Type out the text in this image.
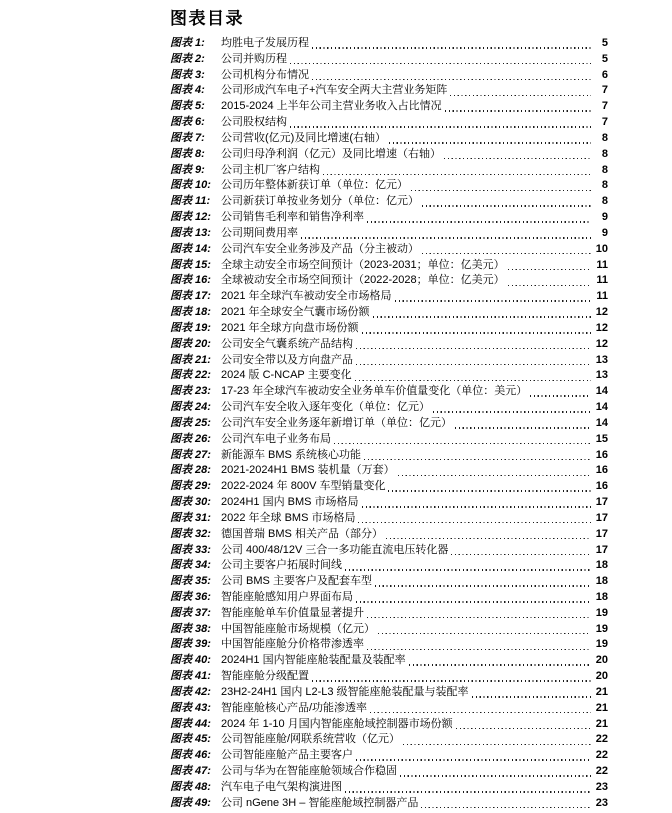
图表目录
图表 1:	均胜电子发展历程	5
图表 2:	公司并购历程	5
图表 3:	公司机构分布情况	6
图表 4:	公司形成汽车电子+汽车安全两大主营业务矩阵	7
图表 5:	2015-2024 上半年公司主营业务收入占比情况	7
图表 6:	公司股权结构	7
图表 7:	公司营收(亿元)及同比增速(右轴）	8
图表 8:	公司归母净利润（亿元）及同比增速（右轴）	8
图表 9:	公司主机厂客户结构	8
图表 10: 公司历年整体新获订单（单位：亿元）	8
图表 11: 公司新获订单按业务划分（单位：亿元）	8
图表 12: 公司销售毛利率和销售净利率	9
图表 13: 公司期间费用率	9
图表 14: 公司汽车安全业务涉及产品（分主被动）	10
图表 15: 全球主动安全市场空间预计（2023-2031；单位：亿美元）	11
图表 16: 全球被动安全市场空间预计（2022-2028；单位：亿美元）	11
图表 17: 2021 年全球汽车被动安全市场格局	11
图表 18: 2021 年全球安全气囊市场份额	12
图表 19: 2021 年全球方向盘市场份额	12
图表 20: 公司安全气囊系统产品结构	12
图表 21: 公司安全带以及方向盘产品	13
图表 22: 2024 版 C-NCAP 主要变化	13
图表 23: 17-23 年全球汽车被动安全业务单车价值量变化（单位：美元）	14
图表 24: 公司汽车安全收入逐年变化（单位：亿元）	14
图表 25: 公司汽车安全业务逐年新增订单（单位：亿元）	14
图表 26: 公司汽车电子业务布局	15
图表 27: 新能源车 BMS 系统核心功能	16
图表 28: 2021-2024H1 BMS 装机量（万套）	16
图表 29: 2022-2024 年 800V 车型销量变化	16
图表 30: 2024H1 国内 BMS 市场格局	17
图表 31: 2022 年全球 BMS 市场格局	17
图表 32: 德国普瑞 BMS 相关产品（部分）	17
图表 33: 公司 400/48/12V 三合一多功能直流电压转化器	17
图表 34: 公司主要客户拓展时间线	18
图表 35: 公司 BMS 主要客户及配套车型	18
图表 36: 智能座舱感知用户界面布局	18
图表 37: 智能座舱单车价值量显著提升	19
图表 38: 中国智能座舱市场规模（亿元）	19
图表 39: 中国智能座舱分价格带渗透率	19
图表 40: 2024H1 国内智能座舱装配量及装配率	20
图表 41: 智能座舱分级配置	20
图表 42: 23H2-24H1 国内 L2-L3 级智能座舱装配量与装配率	21
图表 43: 智能座舱核心产品/功能渗透率	21
图表 44: 2024 年 1-10 月国内智能座舱域控制器市场份额	21
图表 45: 公司智能座舱/网联系统营收（亿元）	22
图表 46: 公司智能座舱产品主要客户	22
图表 47: 公司与华为在智能座舱领域合作稳固	22
图表 48: 汽车电子电气架构演进图	23
图表 49: 公司 nGene 3H – 智能座舱域控制器产品	23
